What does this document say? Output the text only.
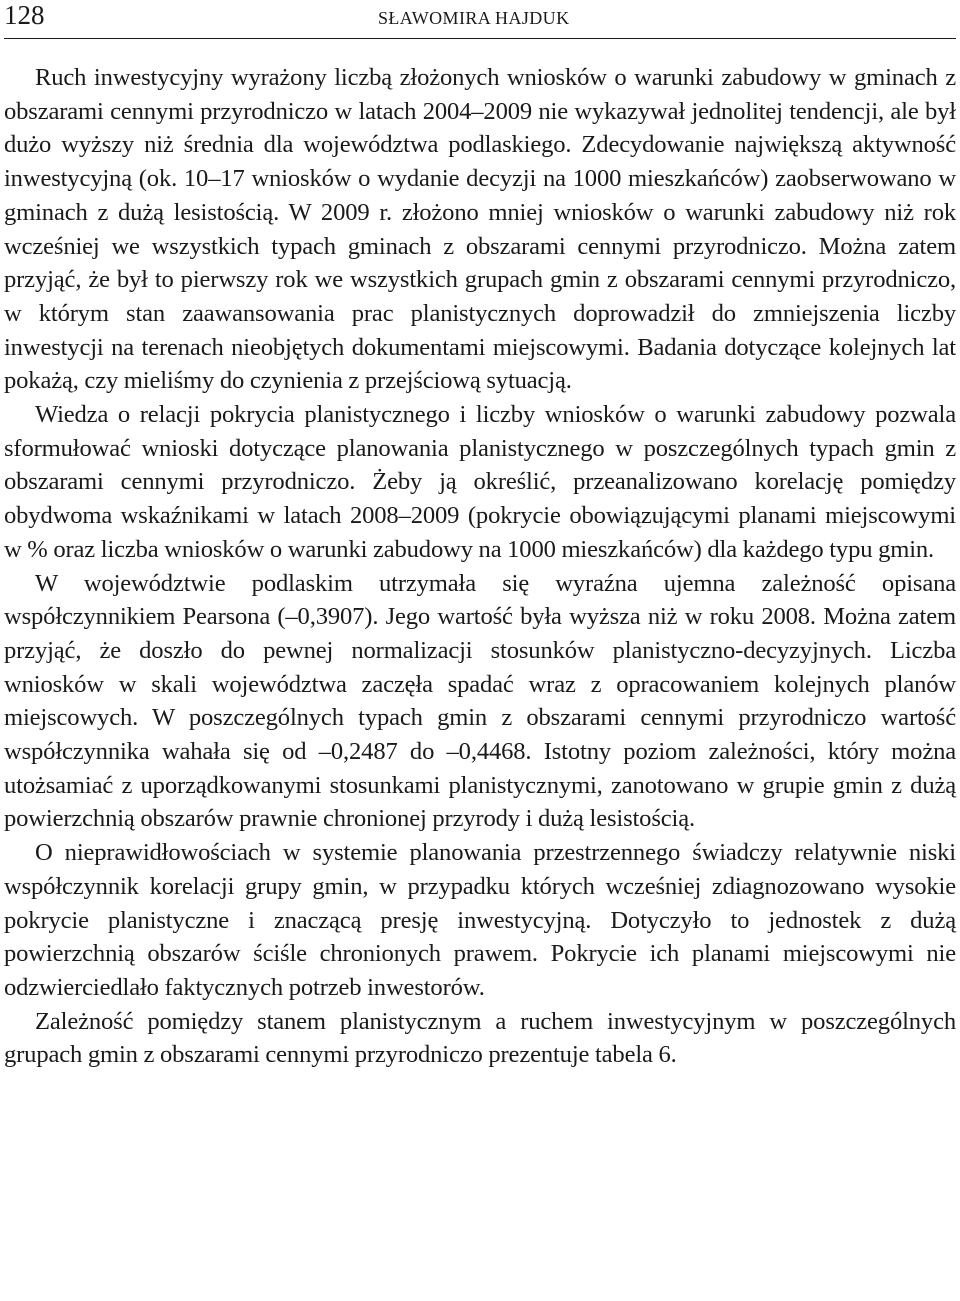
128	SŁAWOMIRA HAJDUK

Ruch inwestycyjny wyrażony liczbą złożonych wniosków o warunki zabudowy w gminach z obszarami cennymi przyrodniczo w latach 2004–2009 nie wykazywał jednolitej tendencji, ale był dużo wyższy niż średnia dla województwa podlaskiego. Zdecydowanie największą aktywność inwestycyjną (ok. 10–17 wniosków o wydanie decyzji na 1000 mieszkańców) zaobserwowano w gminach z dużą lesistością. W 2009 r. złożono mniej wniosków o warunki zabudowy niż rok wcześniej we wszystkich typach gminach z obszarami cennymi przyrodniczo. Można zatem przyjąć, że był to pierwszy rok we wszystkich grupach gmin z obszarami cennymi przyrodniczo, w którym stan zaawansowania prac planistycznych doprowadził do zmniejszenia liczby inwestycji na terenach nieobjętych dokumentami miejscowymi. Badania dotyczące kolejnych lat pokażą, czy mieliśmy do czynienia z przejściową sytuacją.

Wiedza o relacji pokrycia planistycznego i liczby wniosków o warunki zabudowy pozwala sformułować wnioski dotyczące planowania planistycznego w poszczególnych typach gmin z obszarami cennymi przyrodniczo. Żeby ją określić, przeanalizowano korelację pomiędzy obydwoma wskaźnikami w latach 2008–2009 (pokrycie obowiązującymi planami miejscowymi w % oraz liczba wniosków o warunki zabudowy na 1000 mieszkańców) dla każdego typu gmin.

W województwie podlaskim utrzymała się wyraźna ujemna zależność opisana współczynnikiem Pearsona (–0,3907). Jego wartość była wyższa niż w roku 2008. Można zatem przyjąć, że doszło do pewnej normalizacji stosunków planistyczno-decyzyjnych. Liczba wniosków w skali województwa zaczęła spadać wraz z opracowaniem kolejnych planów miejscowych. W poszczególnych typach gmin z obszarami cennymi przyrodniczo wartość współczynnika wahała się od –0,2487 do –0,4468. Istotny poziom zależności, który można utożsamiać z uporządkowanymi stosunkami planistycznymi, zanotowano w grupie gmin z dużą powierzchnią obszarów prawnie chronionej przyrody i dużą lesistością.

O nieprawidłowościach w systemie planowania przestrzennego świadczy relatywnie niski współczynnik korelacji grupy gmin, w przypadku których wcześniej zdiagnozowano wysokie pokrycie planistyczne i znaczącą presję inwestycyjną. Dotyczyło to jednostek z dużą powierzchnią obszarów ściśle chronionych prawem. Pokrycie ich planami miejscowymi nie odzwierciedlało faktycznych potrzeb inwestorów.

Zależność pomiędzy stanem planistycznym a ruchem inwestycyjnym w poszczególnych grupach gmin z obszarami cennymi przyrodniczo prezentuje tabela 6.
